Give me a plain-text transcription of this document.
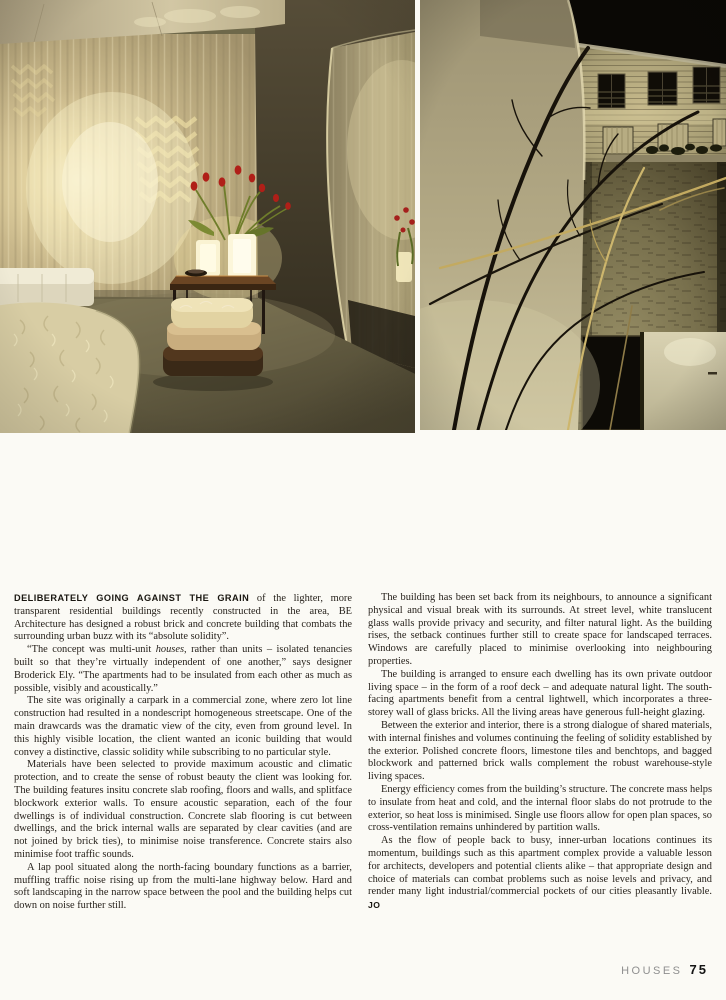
DELIBERATELY GOING AGAINST THE GRAIN of the lighter, more transparent residential buildings recently constructed in the area, BE Architecture has designed a robust brick and concrete building that combats the surrounding urban buzz with its “absolute solidity”.

“The concept was multi-unit houses, rather than units – isolated tenancies built so that they’re virtually independent of one another,” says designer Broderick Ely. “The apartments had to be insulated from each other as much as possible, visibly and acoustically.”

The site was originally a carpark in a commercial zone, where zero lot line construction had resulted in a nondescript homogeneous streetscape. One of the main drawcards was the dramatic view of the city, even from ground level. In this highly visible location, the client wanted an iconic building that would convey a distinctive, classic solidity while subscribing to no particular style.

Materials have been selected to provide maximum acoustic and climatic protection, and to create the sense of robust beauty the client was looking for. The building features insitu concrete slab roofing, floors and walls, and splitface blockwork exterior walls. To ensure acoustic separation, each of the four dwellings is of individual construction. Concrete slab flooring is cut between dwellings, and the brick internal walls are separated by clear cavities (and are not joined by brick ties), to minimise noise transference. Concrete stairs also minimise foot traffic sounds.

A lap pool situated along the north-facing boundary functions as a barrier, muffling traffic noise rising up from the multi-lane highway below. Hard and soft landscaping in the narrow space between the pool and the building helps cut down on noise further still.

The building has been set back from its neighbours, to announce a significant physical and visual break with its surrounds. At street level, white translucent glass walls provide privacy and security, and filter natural light. As the building rises, the setback continues further still to create space for landscaped terraces. Windows are carefully placed to minimise overlooking into neighbouring properties.

The building is arranged to ensure each dwelling has its own private outdoor living space – in the form of a roof deck – and adequate natural light. The south-facing apartments benefit from a central lightwell, which incorporates a three-storey wall of glass bricks. All the living areas have generous full-height glazing.

Between the exterior and interior, there is a strong dialogue of shared materials, with internal finishes and volumes continuing the feeling of solidity established by the exterior. Polished concrete floors, limestone tiles and benchtops, and bagged blockwork and patterned brick walls complement the robust warehouse-style living spaces.

Energy efficiency comes from the building’s structure. The concrete mass helps to insulate from heat and cold, and the internal floor slabs do not protrude to the exterior, so heat loss is minimised. Single use floors allow for open plan spaces, so cross-ventilation remains unhindered by partition walls.

As the flow of people back to busy, inner-urban locations continues its momentum, buildings such as this apartment complex provide a valuable lesson for architects, developers and potential clients alike – that appropriate design and choice of materials can combat problems such as noise levels and privacy, and render many light industrial/commercial pockets of our cities pleasantly livable. JO

HOUSES 75
